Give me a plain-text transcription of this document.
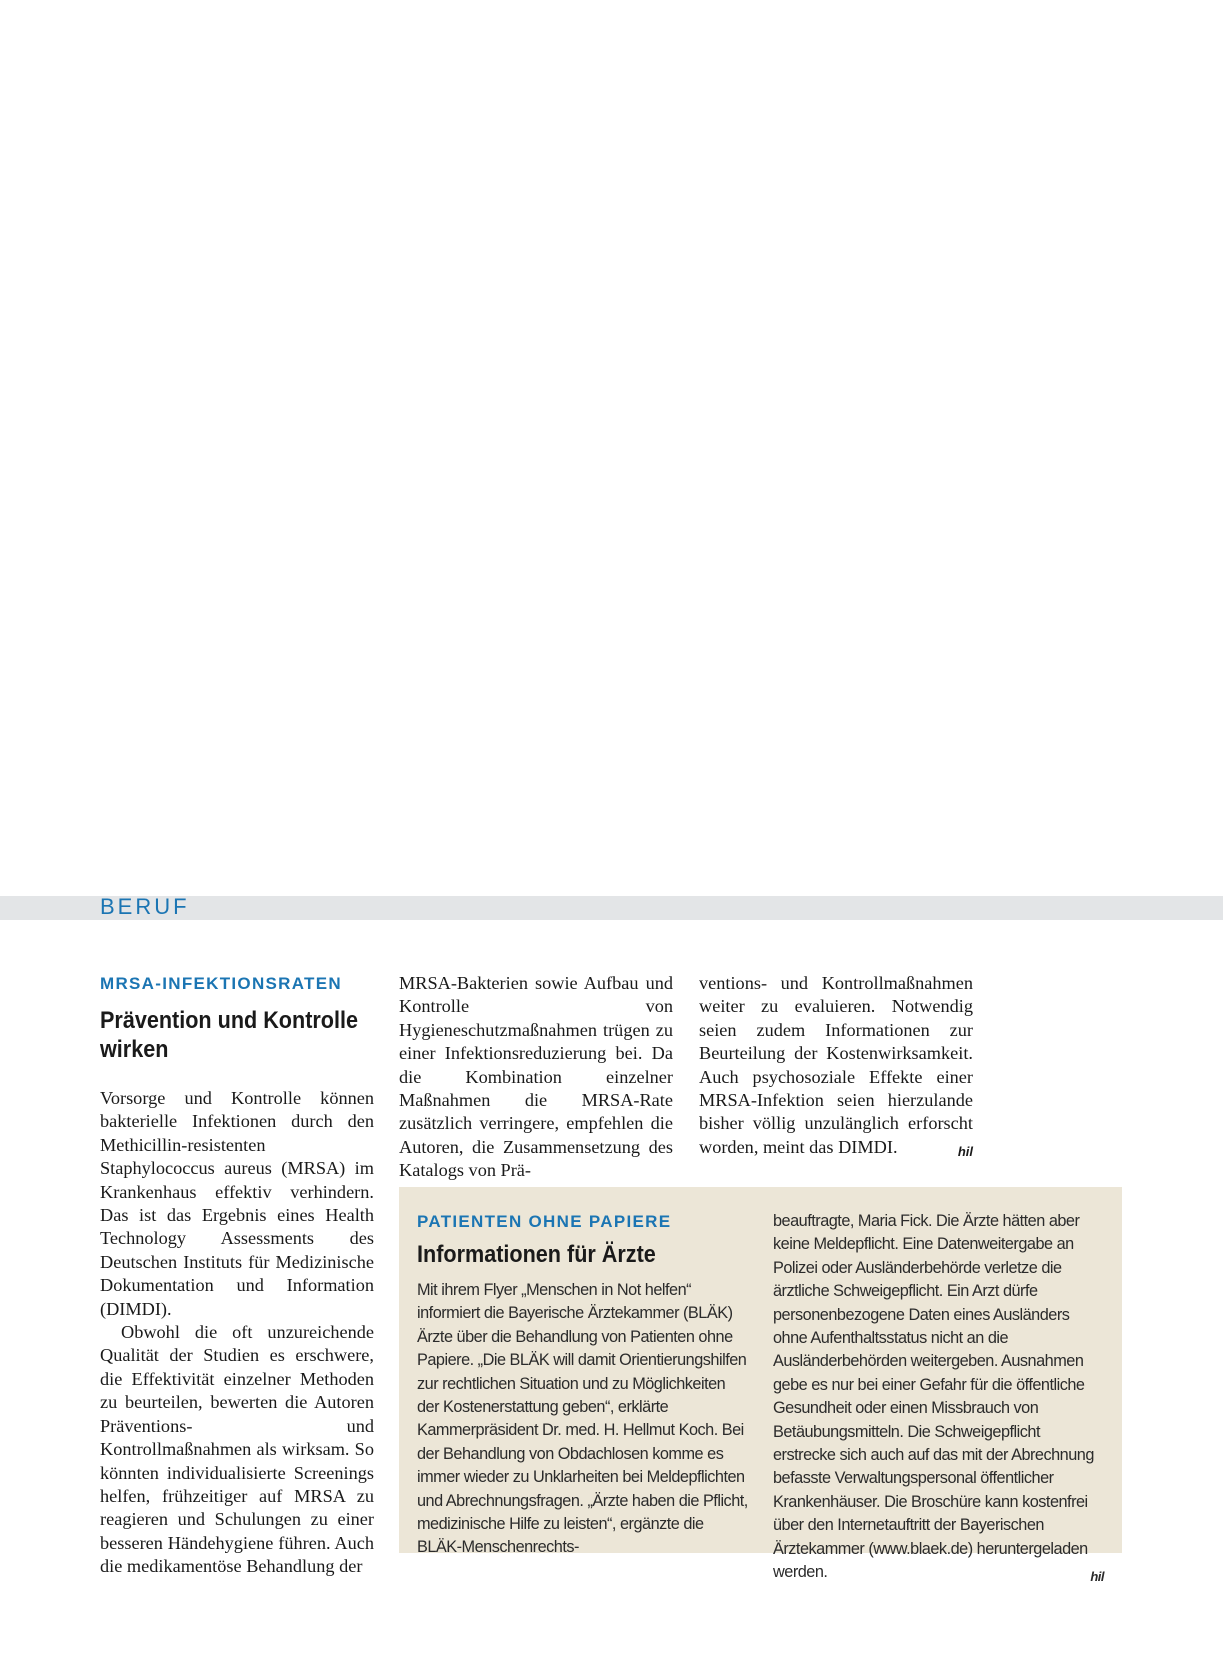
BERUF

MRSA-INFEKTIONSRATEN

Prävention und Kontrolle wirken

Vorsorge und Kontrolle können bakterielle Infektionen durch den Methicillin-resistenten Staphylococcus aureus (MRSA) im Krankenhaus effektiv verhindern. Das ist das Ergebnis eines Health Technology Assessments des Deutschen Instituts für Medizinische Dokumentation und Information (DIMDI).

Obwohl die oft unzureichende Qualität der Studien es erschwere, die Effektivität einzelner Methoden zu beurteilen, bewerten die Autoren Präventions- und Kontrollmaßnahmen als wirksam. So könnten individualisierte Screenings helfen, frühzeitiger auf MRSA zu reagieren und Schulungen zu einer besseren Händehygiene führen. Auch die medikamentöse Behandlung der

MRSA-Bakterien sowie Aufbau und Kontrolle von Hygieneschutzmaßnahmen trügen zu einer Infektionsreduzierung bei. Da die Kombination einzelner Maßnahmen die MRSA-Rate zusätzlich verringere, empfehlen die Autoren, die Zusammensetzung des Katalogs von Prä-

ventions- und Kontrollmaßnahmen weiter zu evaluieren. Notwendig seien zudem Informationen zur Beurteilung der Kostenwirksamkeit. Auch psychosoziale Effekte einer MRSA-Infektion seien hierzulande bisher völlig unzulänglich erforscht worden, meint das DIMDI.	hil

PATIENTEN OHNE PAPIERE

Informationen für Ärzte

Mit ihrem Flyer „Menschen in Not helfen“ informiert die Bayerische Ärztekammer (BLÄK) Ärzte über die Behandlung von Patienten ohne Papiere. „Die BLÄK will damit Orientierungshilfen zur rechtlichen Situation und zu Möglichkeiten der Kostenerstattung geben“, erklärte Kammerpräsident Dr. med. H. Hellmut Koch. Bei der Behandlung von Obdachlosen komme es immer wieder zu Unklarheiten bei Meldepflichten und Abrechnungsfragen. „Ärzte haben die Pflicht, medizinische Hilfe zu leisten“, ergänzte die BLÄK-Menschenrechts-

beauftragte, Maria Fick. Die Ärzte hätten aber keine Meldepflicht. Eine Datenweitergabe an Polizei oder Ausländerbehörde verletze die ärztliche Schweigepflicht. Ein Arzt dürfe personenbezogene Daten eines Ausländers ohne Aufenthaltsstatus nicht an die Ausländerbehörden weitergeben. Ausnahmen gebe es nur bei einer Gefahr für die öffentliche Gesundheit oder einen Missbrauch von Betäubungsmitteln. Die Schweigepflicht erstrecke sich auch auf das mit der Abrechnung befasste Verwaltungspersonal öffentlicher Krankenhäuser. Die Broschüre kann kostenfrei über den Internetauftritt der Bayerischen Ärztekammer (www.blaek.de) heruntergeladen werden.	hil
